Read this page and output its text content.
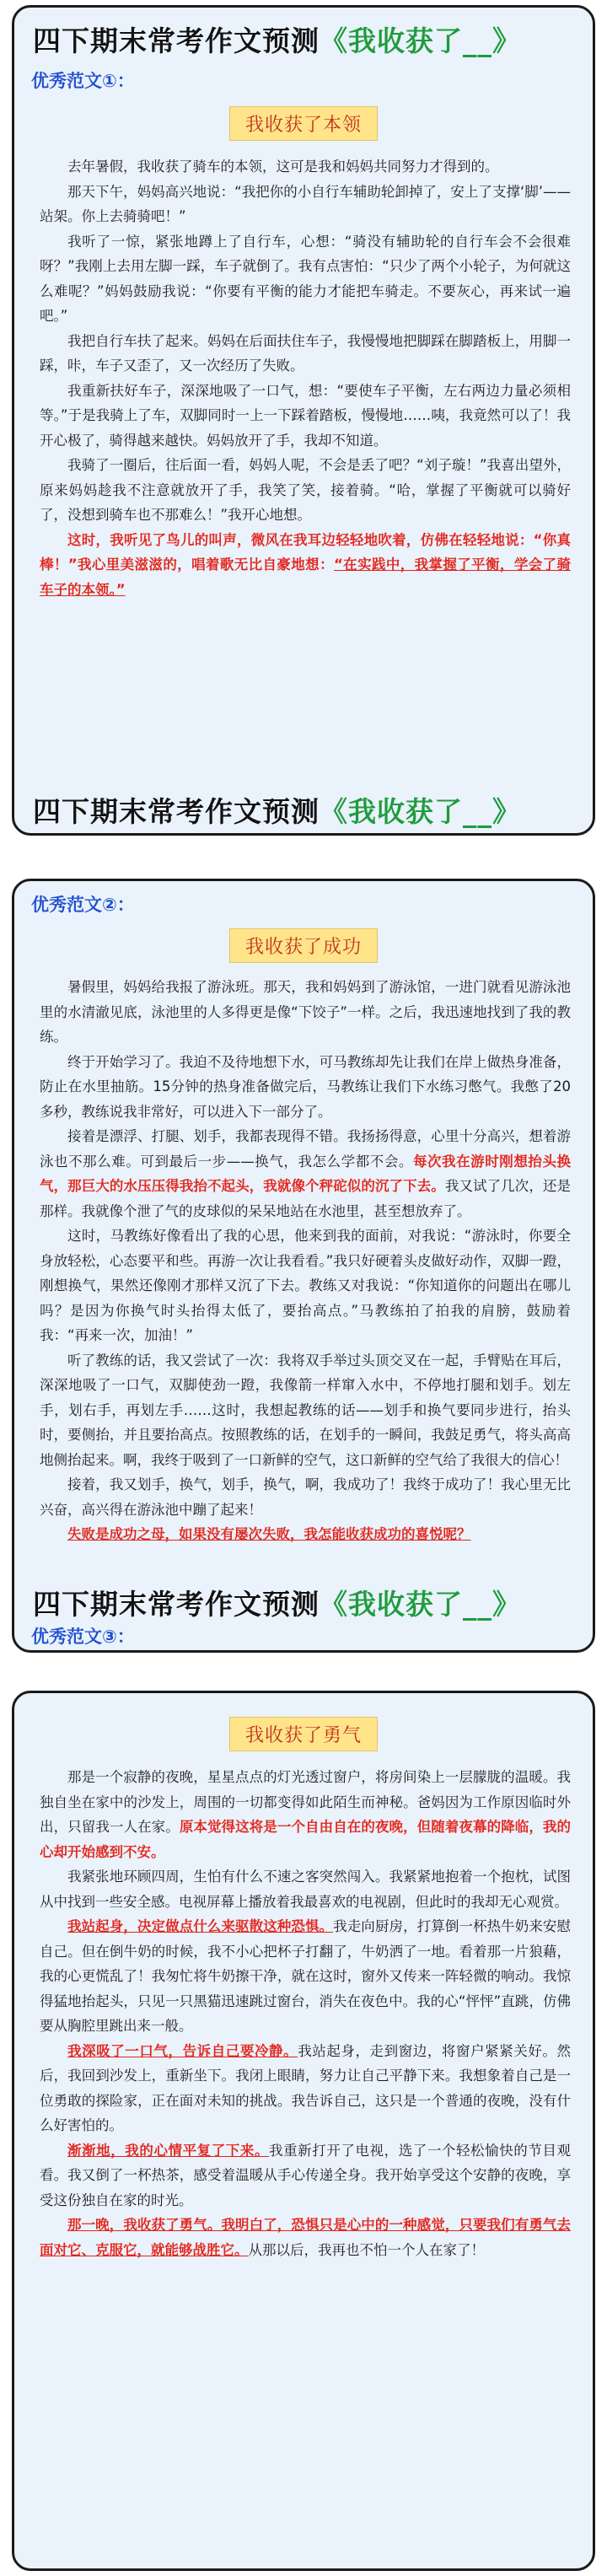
四下期末常考作文预测《我收获了__》
优秀范文①：
我收获了本领

去年暑假，我收获了骑车的本领，这可是我和妈妈共同努力才得到的。

那天下午，妈妈高兴地说：“我把你的小自行车辅助轮卸掉了，安上了支撑‘脚’——站架。你上去骑骑吧！”

我听了一惊，紧张地蹲上了自行车，心想：“骑没有辅助轮的自行车会不会很难呀？”我刚上去用左脚一踩，车子就倒了。我有点害怕：“只少了两个小轮子，为何就这么难呢？”妈妈鼓励我说：“你要有平衡的能力才能把车骑走。不要灰心，再来试一遍吧。”

我把自行车扶了起来。妈妈在后面扶住车子，我慢慢地把脚踩在脚踏板上，用脚一踩，咔，车子又歪了，又一次经历了失败。

我重新扶好车子，深深地吸了一口气，想：“要使车子平衡，左右两边力量必须相等。”于是我骑上了车，双脚同时一上一下踩着踏板，慢慢地……咦，我竟然可以了！我开心极了，骑得越来越快。妈妈放开了手，我却不知道。

我骑了一圈后，往后面一看，妈妈人呢，不会是丢了吧？“刘子璇！”我喜出望外，原来妈妈趁我不注意就放开了手，我笑了笑，接着骑。“哈，掌握了平衡就可以骑好了，没想到骑车也不那难么！”我开心地想。

这时，我听见了鸟儿的叫声，微风在我耳边轻轻地吹着，仿佛在轻轻地说：“你真棒！”我心里美滋滋的，唱着歌无比自豪地想：“在实践中，我掌握了平衡，学会了骑车子的本领。”

四下期末常考作文预测《我收获了__》
优秀范文②：
我收获了成功

暑假里，妈妈给我报了游泳班。那天，我和妈妈到了游泳馆，一进门就看见游泳池里的水清澈见底，泳池里的人多得更是像“下饺子”一样。之后，我迅速地找到了我的教练。

终于开始学习了。我迫不及待地想下水，可马教练却先让我们在岸上做热身准备，防止在水里抽筋。15分钟的热身准备做完后，马教练让我们下水练习憋气。我憋了20多秒，教练说我非常好，可以进入下一部分了。

接着是漂浮、打腿、划手，我都表现得不错。我扬扬得意，心里十分高兴，想着游泳也不那么难。可到最后一步——换气，我怎么学都不会。每次我在游时刚想抬头换气，那巨大的水压压得我抬不起头，我就像个秤砣似的沉了下去。我又试了几次，还是那样。我就像个泄了气的皮球似的呆呆地站在水池里，甚至想放弃了。

这时，马教练好像看出了我的心思，他来到我的面前，对我说：“游泳时，你要全身放轻松，心态要平和些。再游一次让我看看。”我只好硬着头皮做好动作，双脚一蹬，刚想换气，果然还像刚才那样又沉了下去。教练又对我说：“你知道你的问题出在哪儿吗？是因为你换气时头抬得太低了，要抬高点。”马教练拍了拍我的肩膀，鼓励着我：“再来一次，加油！”

听了教练的话，我又尝试了一次：我将双手举过头顶交叉在一起，手臂贴在耳后，深深地吸了一口气，双脚使劲一蹬，我像箭一样窜入水中，不停地打腿和划手。划左手，划右手，再划左手……这时，我想起教练的话——划手和换气要同步进行，抬头时，要侧抬，并且要抬高点。按照教练的话，在划手的一瞬间，我鼓足勇气，将头高高地侧抬起来。啊，我终于吸到了一口新鲜的空气，这口新鲜的空气给了我很大的信心！

接着，我又划手，换气，划手，换气，啊，我成功了！我终于成功了！我心里无比兴奋，高兴得在游泳池中蹦了起来！

失败是成功之母，如果没有屡次失败，我怎能收获成功的喜悦呢？

四下期末常考作文预测《我收获了__》
优秀范文③：
我收获了勇气

那是一个寂静的夜晚，星星点点的灯光透过窗户，将房间染上一层朦胧的温暖。我独自坐在家中的沙发上，周围的一切都变得如此陌生而神秘。爸妈因为工作原因临时外出，只留我一人在家。原本觉得这将是一个自由自在的夜晚，但随着夜幕的降临，我的心却开始感到不安。

我紧张地环顾四周，生怕有什么不速之客突然闯入。我紧紧地抱着一个抱枕，试图从中找到一些安全感。电视屏幕上播放着我最喜欢的电视剧，但此时的我却无心观赏。

我站起身，决定做点什么来驱散这种恐惧。我走向厨房，打算倒一杯热牛奶来安慰自己。但在倒牛奶的时候，我不小心把杯子打翻了，牛奶洒了一地。看着那一片狼藉，我的心更慌乱了！我匆忙将牛奶擦干净，就在这时，窗外又传来一阵轻微的响动。我惊得猛地抬起头，只见一只黑猫迅速跳过窗台，消失在夜色中。我的心“怦怦”直跳，仿佛要从胸腔里跳出来一般。

我深吸了一口气，告诉自己要冷静。我站起身，走到窗边，将窗户紧紧关好。然后，我回到沙发上，重新坐下。我闭上眼睛，努力让自己平静下来。我想象着自己是一位勇敢的探险家，正在面对未知的挑战。我告诉自己，这只是一个普通的夜晚，没有什么好害怕的。

渐渐地，我的心情平复了下来。我重新打开了电视，选了一个轻松愉快的节目观看。我又倒了一杯热茶，感受着温暖从手心传递全身。我开始享受这个安静的夜晚，享受这份独自在家的时光。

那一晚，我收获了勇气。我明白了，恐惧只是心中的一种感觉，只要我们有勇气去面对它、克服它，就能够战胜它。从那以后，我再也不怕一个人在家了！
